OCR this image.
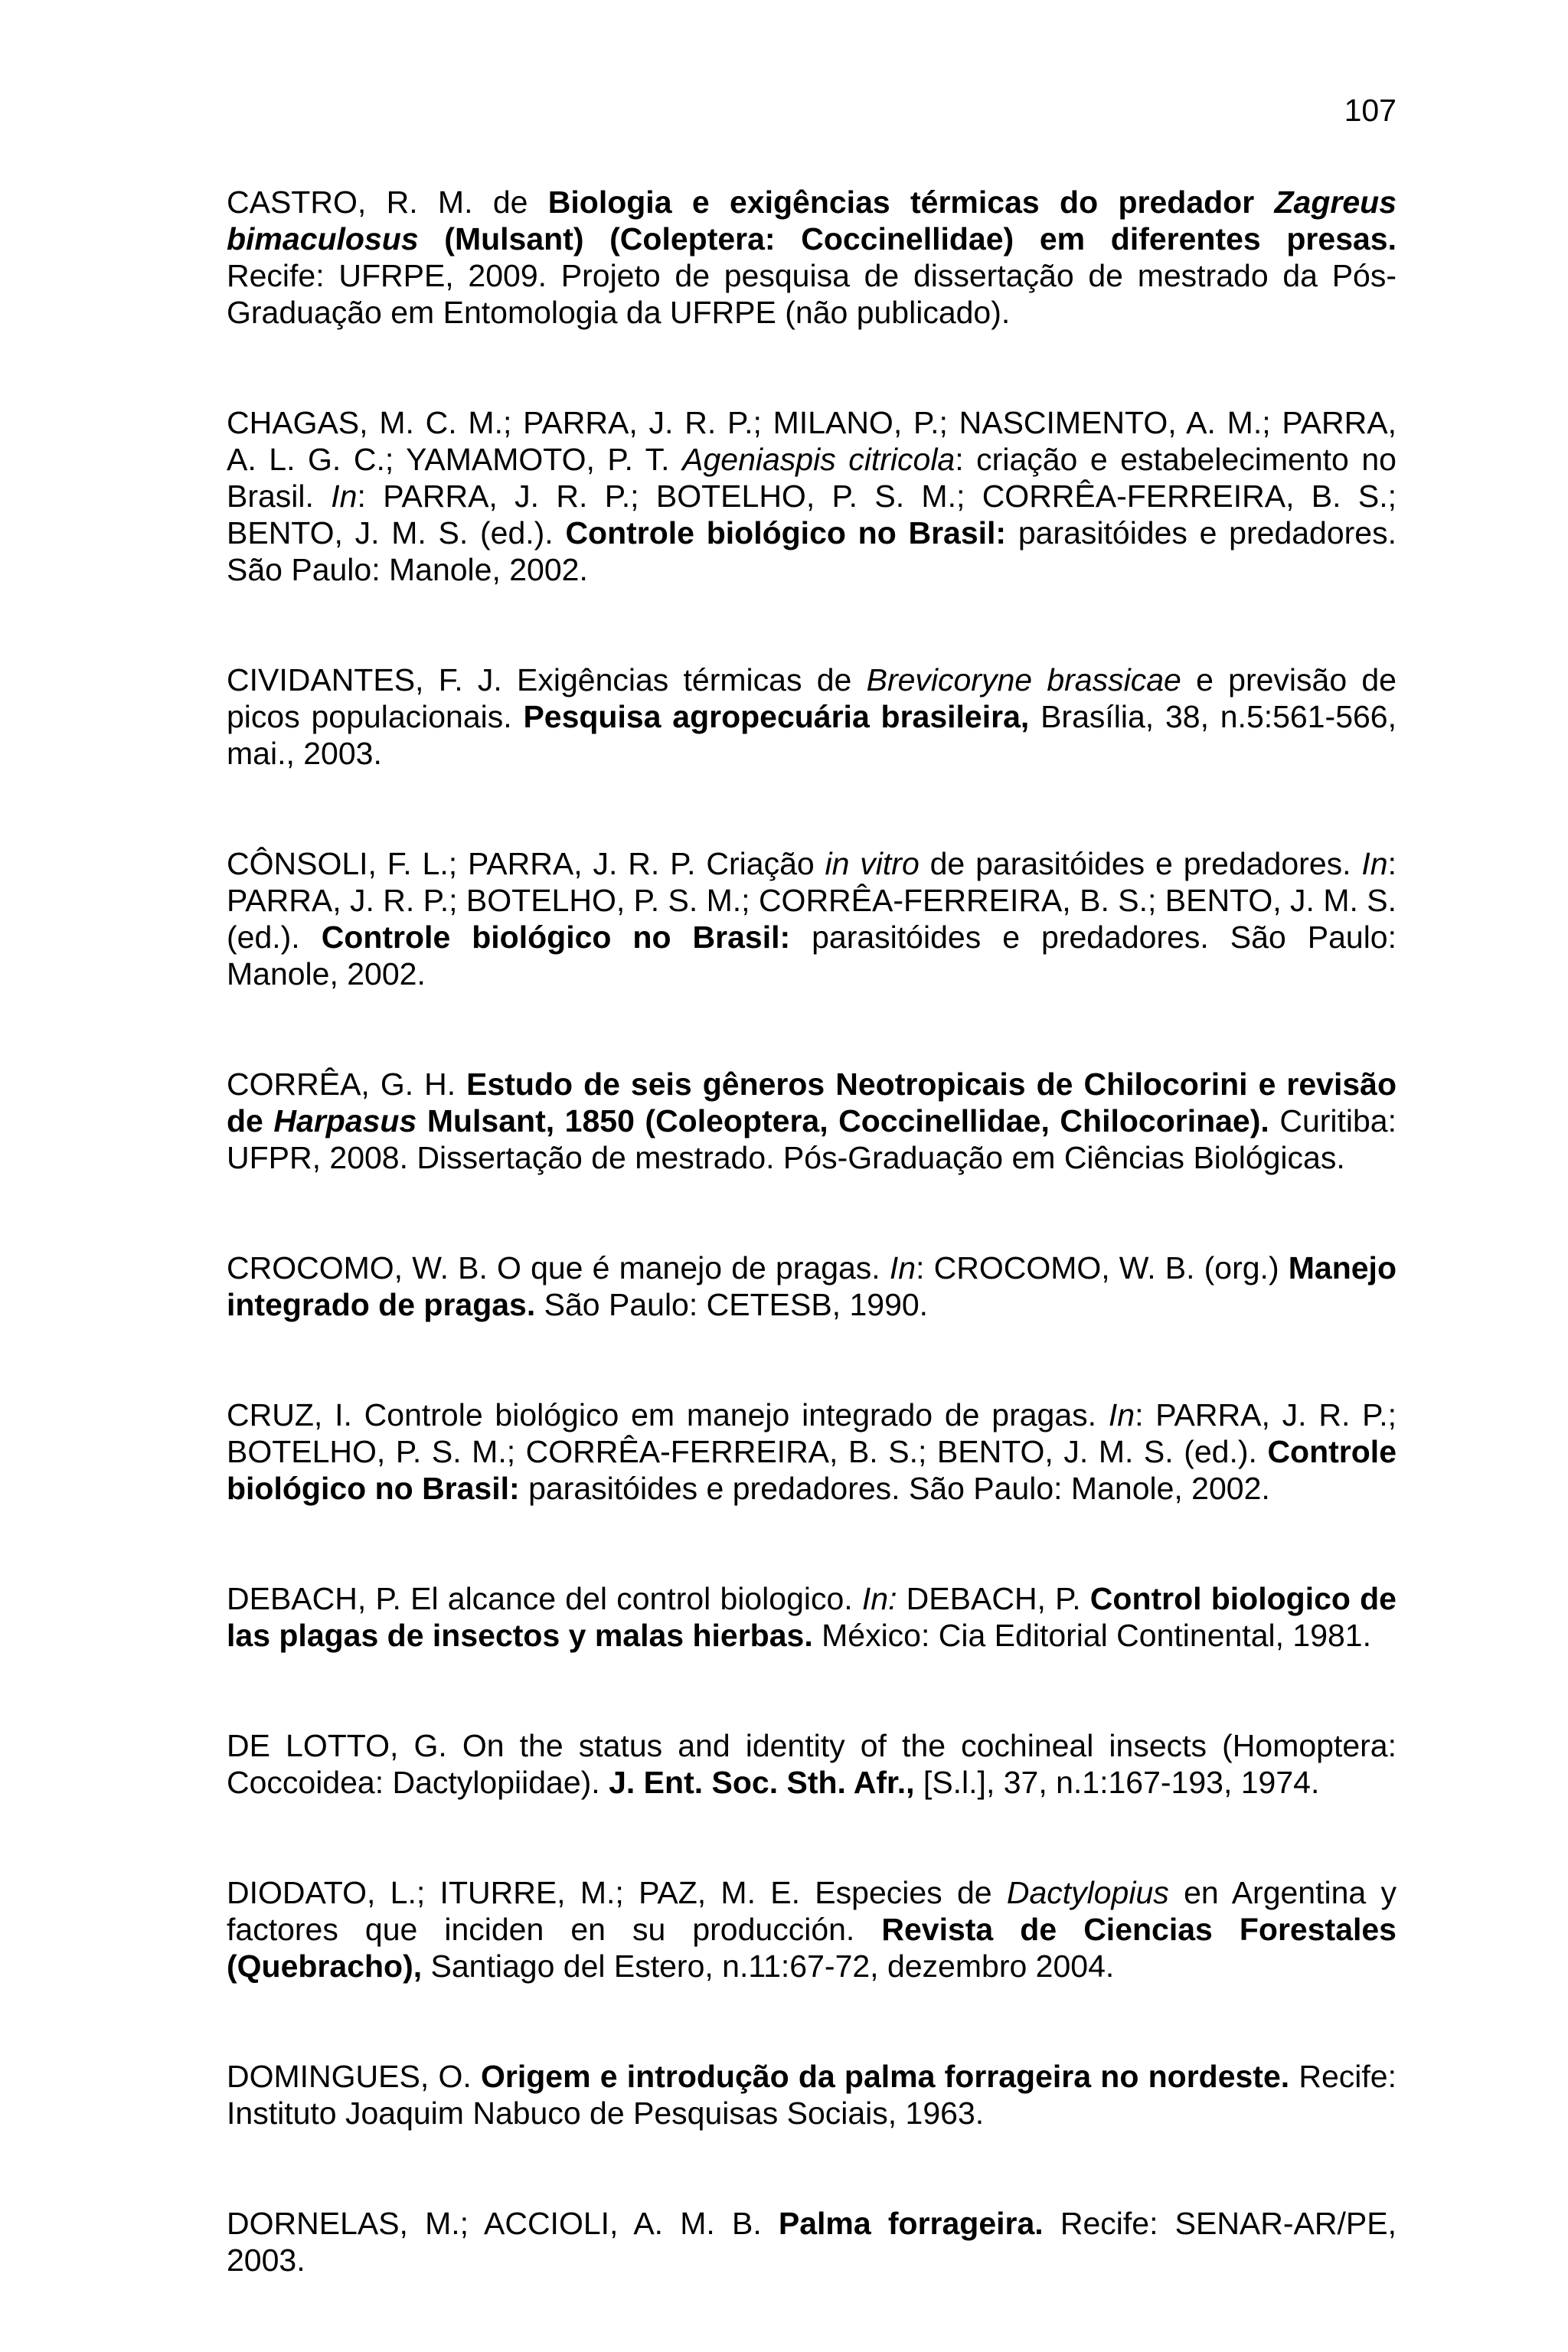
107

CASTRO, R. M. de Biologia e exigências térmicas do predador Zagreus bimaculosus (Mulsant) (Coleptera: Coccinellidae) em diferentes presas. Recife: UFRPE, 2009. Projeto de pesquisa de dissertação de mestrado da Pós-Graduação em Entomologia da UFRPE (não publicado).

CHAGAS, M. C. M.; PARRA, J. R. P.; MILANO, P.; NASCIMENTO, A. M.; PARRA, A. L. G. C.; YAMAMOTO, P. T. Ageniaspis citricola: criação e estabelecimento no Brasil. In: PARRA, J. R. P.; BOTELHO, P. S. M.; CORRÊA-FERREIRA, B. S.; BENTO, J. M. S. (ed.). Controle biológico no Brasil: parasitóides e predadores. São Paulo: Manole, 2002.

CIVIDANTES, F. J. Exigências térmicas de Brevicoryne brassicae e previsão de picos populacionais. Pesquisa agropecuária brasileira, Brasília, 38, n.5:561-566, mai., 2003.

CÔNSOLI, F. L.; PARRA, J. R. P. Criação in vitro de parasitóides e predadores. In: PARRA, J. R. P.; BOTELHO, P. S. M.; CORRÊA-FERREIRA, B. S.; BENTO, J. M. S. (ed.). Controle biológico no Brasil: parasitóides e predadores. São Paulo: Manole, 2002.

CORRÊA, G. H. Estudo de seis gêneros Neotropicais de Chilocorini e revisão de Harpasus Mulsant, 1850 (Coleoptera, Coccinellidae, Chilocorinae). Curitiba: UFPR, 2008. Dissertação de mestrado. Pós-Graduação em Ciências Biológicas.

CROCOMO, W. B. O que é manejo de pragas. In: CROCOMO, W. B. (org.) Manejo integrado de pragas. São Paulo: CETESB, 1990.

CRUZ, I. Controle biológico em manejo integrado de pragas. In: PARRA, J. R. P.; BOTELHO, P. S. M.; CORRÊA-FERREIRA, B. S.; BENTO, J. M. S. (ed.). Controle biológico no Brasil: parasitóides e predadores. São Paulo: Manole, 2002.

DEBACH, P. El alcance del control biologico. In: DEBACH, P. Control biologico de las plagas de insectos y malas hierbas. México: Cia Editorial Continental, 1981.

DE LOTTO, G. On the status and identity of the cochineal insects (Homoptera: Coccoidea: Dactylopiidae). J. Ent. Soc. Sth. Afr., [S.l.], 37, n.1:167-193, 1974.

DIODATO, L.; ITURRE, M.; PAZ, M. E. Especies de Dactylopius en Argentina y factores que inciden en su producción. Revista de Ciencias Forestales (Quebracho), Santiago del Estero, n.11:67-72, dezembro 2004.

DOMINGUES, O. Origem e introdução da palma forrageira no nordeste. Recife: Instituto Joaquim Nabuco de Pesquisas Sociais, 1963.

DORNELAS, M.; ACCIOLI, A. M. B. Palma forrageira. Recife: SENAR-AR/PE, 2003.
